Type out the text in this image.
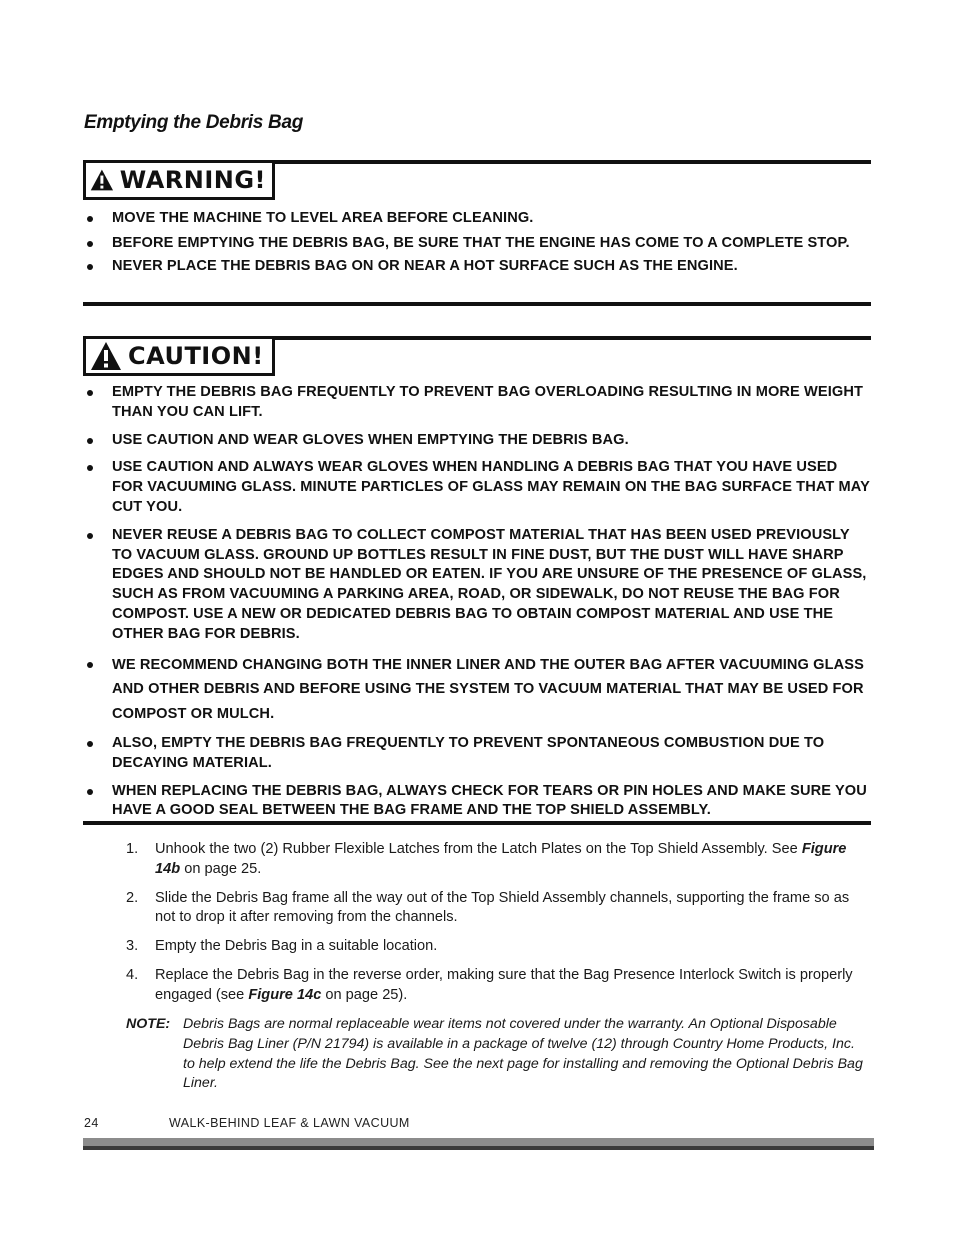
Emptying the Debris Bag
WARNING!
MOVE THE MACHINE TO LEVEL AREA BEFORE CLEANING.
BEFORE EMPTYING THE DEBRIS BAG, BE SURE THAT THE ENGINE HAS COME TO A COMPLETE STOP.
NEVER PLACE THE DEBRIS BAG ON OR NEAR A HOT SURFACE SUCH AS THE ENGINE.
CAUTION!
EMPTY THE DEBRIS BAG FREQUENTLY TO PREVENT BAG OVERLOADING RESULTING IN MORE WEIGHT THAN YOU CAN LIFT.
USE CAUTION AND WEAR GLOVES WHEN EMPTYING THE DEBRIS BAG.
USE CAUTION AND ALWAYS WEAR GLOVES WHEN HANDLING A DEBRIS BAG THAT YOU HAVE USED FOR VACUUMING GLASS. MINUTE PARTICLES OF GLASS MAY REMAIN ON THE BAG SURFACE THAT MAY CUT YOU.
NEVER REUSE A DEBRIS BAG TO COLLECT COMPOST MATERIAL THAT HAS BEEN USED PREVIOUSLY TO VACUUM GLASS. GROUND UP BOTTLES RESULT IN FINE DUST, BUT THE DUST WILL HAVE SHARP EDGES AND SHOULD NOT BE HANDLED OR EATEN. IF YOU ARE UNSURE OF THE PRESENCE OF GLASS, SUCH AS FROM VACUUMING A PARKING AREA, ROAD, OR SIDEWALK, DO NOT REUSE THE BAG FOR COMPOST. USE A NEW OR DEDICATED DEBRIS BAG TO OBTAIN COMPOST MATERIAL AND USE THE OTHER BAG FOR DEBRIS.
WE RECOMMEND CHANGING BOTH THE INNER LINER AND THE OUTER BAG AFTER VACUUMING GLASS AND OTHER DEBRIS AND BEFORE USING THE SYSTEM TO VACUUM MATERIAL THAT MAY BE USED FOR COMPOST OR MULCH.
ALSO, EMPTY THE DEBRIS BAG FREQUENTLY TO PREVENT SPONTANEOUS COMBUSTION DUE TO DECAYING MATERIAL.
WHEN REPLACING THE DEBRIS BAG, ALWAYS CHECK FOR TEARS OR PIN HOLES AND MAKE SURE YOU HAVE A GOOD SEAL BETWEEN THE BAG FRAME AND THE TOP SHIELD ASSEMBLY.
1. Unhook the two (2) Rubber Flexible Latches from the Latch Plates on the Top Shield Assembly. See Figure 14b on page 25.
2. Slide the Debris Bag frame all the way out of the Top Shield Assembly channels, supporting the frame so as not to drop it after removing from the channels.
3. Empty the Debris Bag in a suitable location.
4. Replace the Debris Bag in the reverse order, making sure that the Bag Presence Interlock Switch is properly engaged (see Figure 14c on page 25).
NOTE: Debris Bags are normal replaceable wear items not covered under the warranty. An Optional Disposable Debris Bag Liner (P/N 21794) is available in a package of twelve (12) through Country Home Products, Inc. to help extend the life the Debris Bag. See the next page for installing and removing the Optional Debris Bag Liner.
24	WALK-BEHIND LEAF & LAWN VACUUM
